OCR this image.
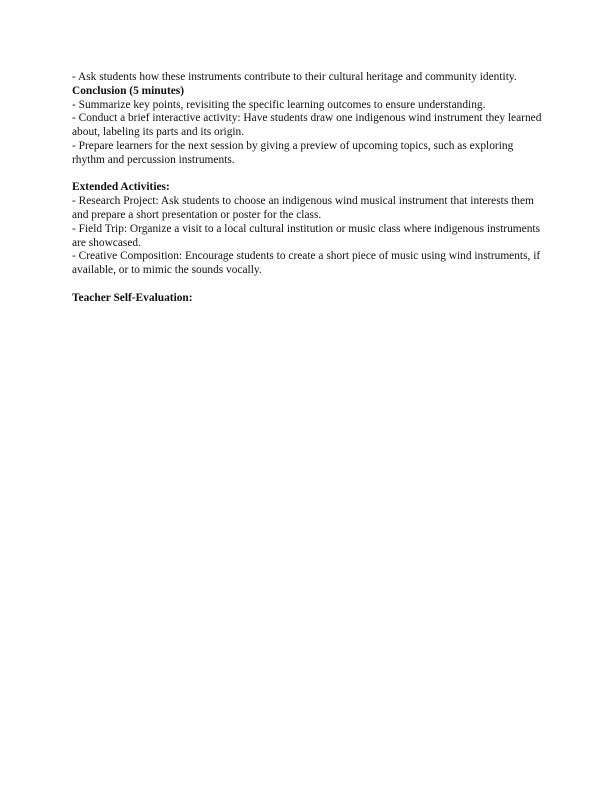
- Ask students how these instruments contribute to their cultural heritage and community identity.

Conclusion (5 minutes)

- Summarize key points, revisiting the specific learning outcomes to ensure understanding.

- Conduct a brief interactive activity: Have students draw one indigenous wind instrument they learned about, labeling its parts and its origin.

- Prepare learners for the next session by giving a preview of upcoming topics, such as exploring rhythm and percussion instruments.

Extended Activities:

- Research Project: Ask students to choose an indigenous wind musical instrument that interests them and prepare a short presentation or poster for the class.

- Field Trip: Organize a visit to a local cultural institution or music class where indigenous instruments are showcased.

- Creative Composition: Encourage students to create a short piece of music using wind instruments, if available, or to mimic the sounds vocally.

Teacher Self-Evaluation:
